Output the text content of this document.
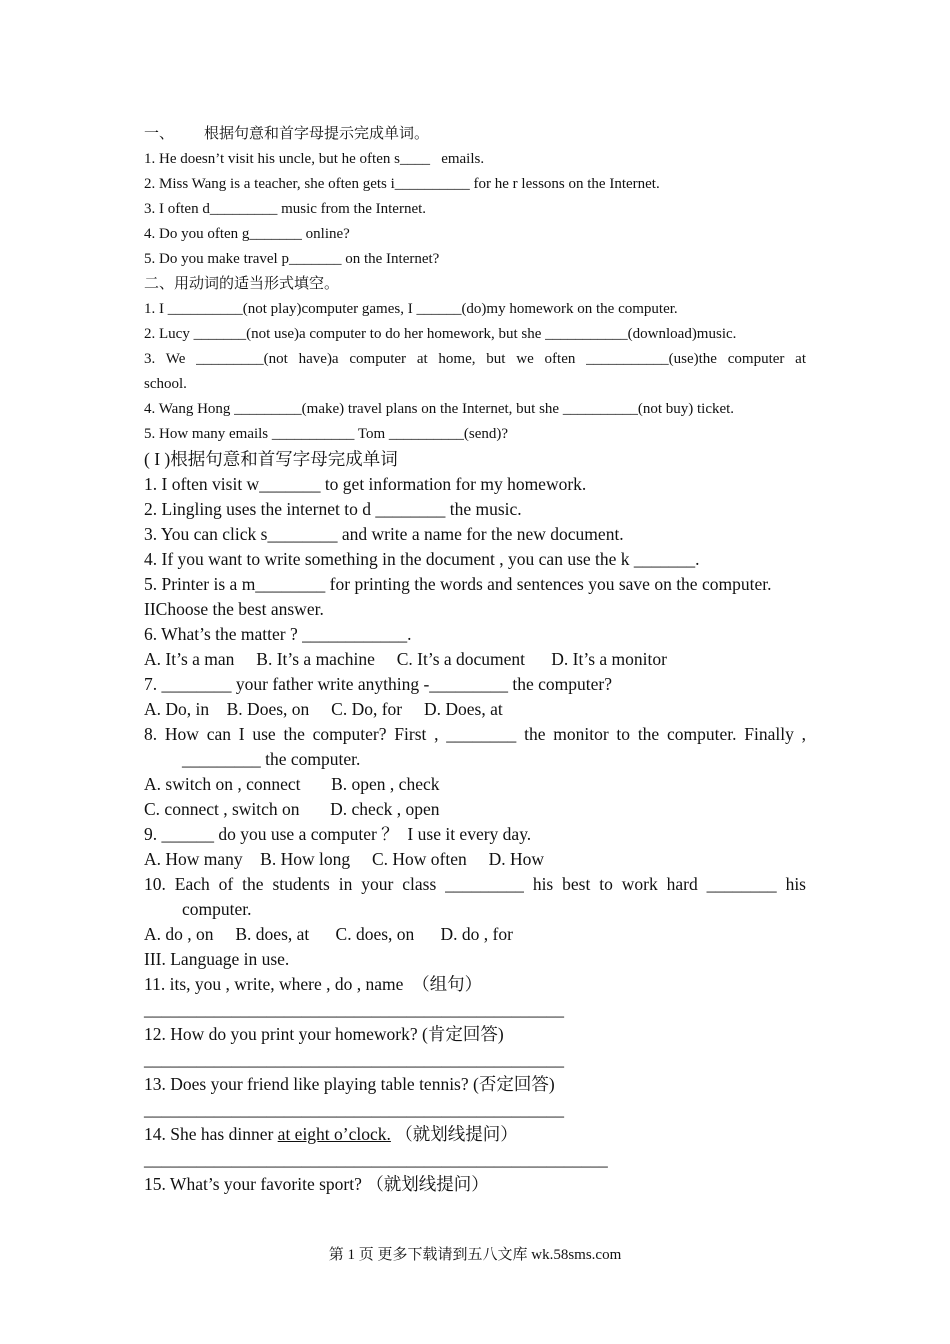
一、        根据句意和首字母提示完成单词。
1. He doesn’t visit his uncle, but he often s____   emails.
2. Miss Wang is a teacher, she often gets i__________ for he r lessons on the Internet.
3. I often d_________ music from the Internet.
4. Do you often g_______ online?
5. Do you make travel p_______ on the Internet?
二、用动词的适当形式填空。
1. I __________(not play)computer games, I ______(do)my homework on the computer.
2. Lucy _______(not use)a computer to do her homework, but she ___________(download)music.
3. We _________(not have)a computer at home, but we often ___________(use)the computer at
school.
4. Wang Hong _________(make) travel plans on the Internet, but she __________(not buy) ticket.
5. How many emails ___________ Tom __________(send)?
( I )根据句意和首写字母完成单词
1. I often visit w_______ to get information for my homework.
2. Lingling uses the internet to d ________ the music.
3. You can click s________ and write a name for the new document.
4. If you want to write something in the document , you can use the k _______.
5. Printer is a m________ for printing the words and sentences you save on the computer.
IIChoose the best answer.
6. What’s the matter ? ____________.
A. It’s a man     B. It’s a machine     C. It’s a document      D. It’s a monitor
7. ________ your father write anything -_________ the computer?
A. Do, in    B. Does, on     C. Do, for     D. Does, at
8. How can I use the computer? First , ________ the monitor to the computer. Finally , _________ the computer.
A. switch on , connect       B. open , check
C. connect , switch on       D. check , open
9. ______ do you use a computer ？  I use it every day.
A. How many    B. How long     C. How often     D. How
10. Each of the students in your class _________ his best to work hard ________ his computer.
A. do , on     B. does, at      C. does, on      D. do , for
III. Language in use.
11. its, you , write, where , do , name  （组句）
________________________________________________
12. How do you print your homework? (肯定回答)
________________________________________________
13. Does your friend like playing table tennis? (否定回答)
________________________________________________
14. She has dinner at eight o’clock. （就划线提问）
_____________________________________________________
15. What’s your favorite sport? （就划线提问）
第 1 页 更多下载请到五八文库 wk.58sms.com
